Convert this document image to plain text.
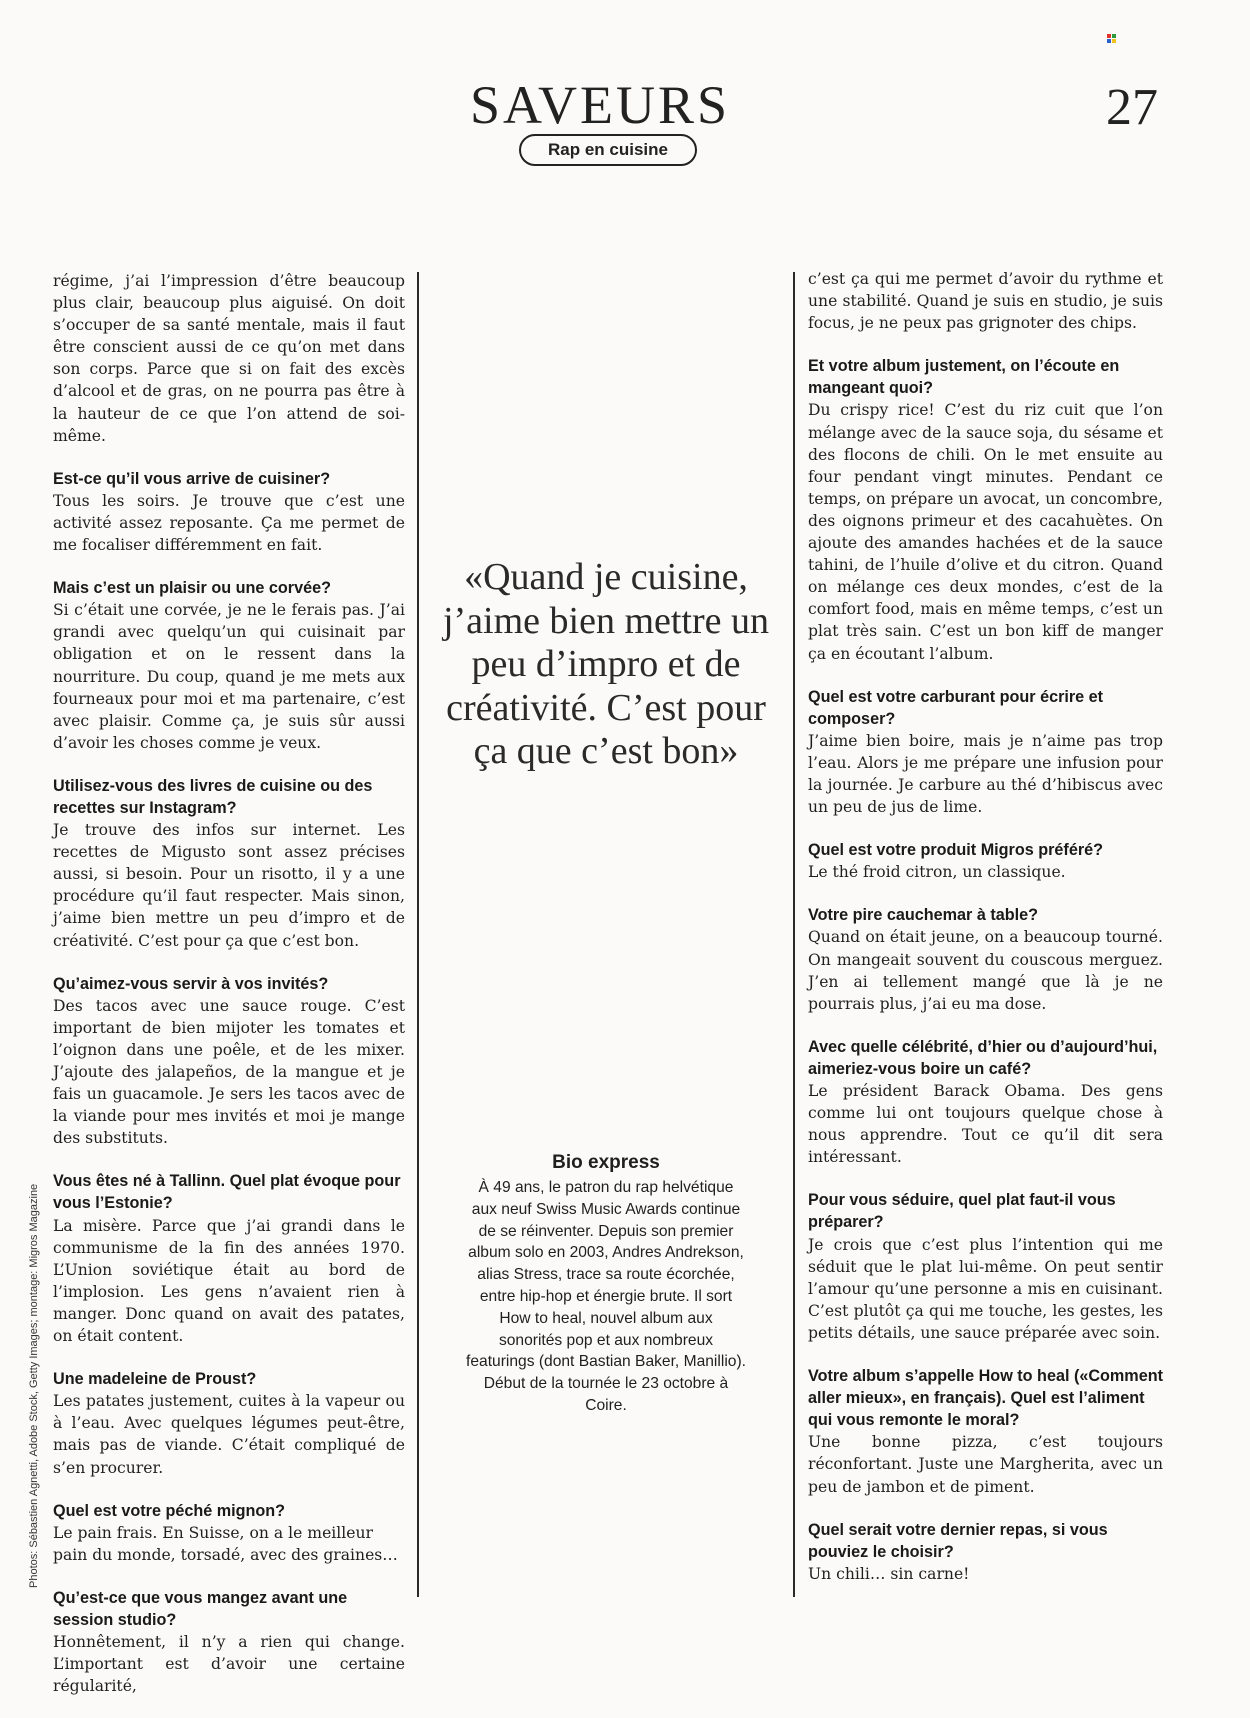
SAVEURS	27
Rap en cuisine

régime, j’ai l’impression d’être beaucoup plus clair, beaucoup plus aiguisé. On doit s’occuper de sa santé mentale, mais il faut être conscient aussi de ce qu’on met dans son corps. Parce que si on fait des excès d’alcool et de gras, on ne pourra pas être à la hauteur de ce que l’on attend de soi-même.

Est-ce qu’il vous arrive de cuisiner?

Tous les soirs. Je trouve que c’est une activité assez reposante. Ça me permet de me focaliser différemment en fait.

Mais c’est un plaisir ou une corvée?

Si c’était une corvée, je ne le ferais pas. J’ai grandi avec quelqu’un qui cuisinait par obligation et on le ressent dans la nourriture. Du coup, quand je me mets aux fourneaux pour moi et ma partenaire, c’est avec plaisir. Comme ça, je suis sûr aussi d’avoir les choses comme je veux.

Utilisez-vous des livres de cuisine ou des recettes sur Instagram?

Je trouve des infos sur internet. Les recettes de Migusto sont assez précises aussi, si besoin. Pour un risotto, il y a une procédure qu’il faut respecter. Mais sinon, j’aime bien mettre un peu d’impro et de créativité. C’est pour ça que c’est bon.

Qu’aimez-vous servir à vos invités?

Des tacos avec une sauce rouge. C’est important de bien mijoter les tomates et l’oignon dans une poêle, et de les mixer. J’ajoute des jalapeños, de la mangue et je fais un guacamole. Je sers les tacos avec de la viande pour mes invités et moi je mange des substituts.

Vous êtes né à Tallinn. Quel plat évoque pour vous l’Estonie?

La misère. Parce que j’ai grandi dans le communisme de la fin des années 1970. L’Union soviétique était au bord de l’implosion. Les gens n’avaient rien à manger. Donc quand on avait des patates, on était content.

Une madeleine de Proust?

Les patates justement, cuites à la vapeur ou à l’eau. Avec quelques légumes peut-être, mais pas de viande. C’était compliqué de s’en procurer.

Quel est votre péché mignon?

Le pain frais. En Suisse, on a le meilleur pain du monde, torsadé, avec des graines…

Qu’est-ce que vous mangez avant une session studio?

Honnêtement, il n’y a rien qui change. L’important est d’avoir une certaine régularité,

«Quand je cuisine, j’aime bien mettre un peu d’impro et de créativité. C’est pour ça que c’est bon»

Bio express

À 49 ans, le patron du rap helvétique aux neuf Swiss Music Awards continue de se réinventer. Depuis son premier album solo en 2003, Andres Andrekson, alias Stress, trace sa route écorchée, entre hip-hop et énergie brute. Il sort How to heal, nouvel album aux sonorités pop et aux nombreux featurings (dont Bastian Baker, Manillio). Début de la tournée le 23 octobre à Coire.

c’est ça qui me permet d’avoir du rythme et une stabilité. Quand je suis en studio, je suis focus, je ne peux pas grignoter des chips.

Et votre album justement, on l’écoute en mangeant quoi?

Du crispy rice! C’est du riz cuit que l’on mélange avec de la sauce soja, du sésame et des flocons de chili. On le met ensuite au four pendant vingt minutes. Pendant ce temps, on prépare un avocat, un concombre, des oignons primeur et des cacahuètes. On ajoute des amandes hachées et de la sauce tahini, de l’huile d’olive et du citron. Quand on mélange ces deux mondes, c’est de la comfort food, mais en même temps, c’est un plat très sain. C’est un bon kiff de manger ça en écoutant l’album.

Quel est votre carburant pour écrire et composer?

J’aime bien boire, mais je n’aime pas trop l’eau. Alors je me prépare une infusion pour la journée. Je carbure au thé d’hibiscus avec un peu de jus de lime.

Quel est votre produit Migros préféré?

Le thé froid citron, un classique.

Votre pire cauchemar à table?

Quand on était jeune, on a beaucoup tourné. On mangeait souvent du couscous merguez. J’en ai tellement mangé que là je ne pourrais plus, j’ai eu ma dose.

Avec quelle célébrité, d’hier ou d’aujourd’hui, aimeriez-vous boire un café?

Le président Barack Obama. Des gens comme lui ont toujours quelque chose à nous apprendre. Tout ce qu’il dit sera intéressant.

Pour vous séduire, quel plat faut-il vous préparer?

Je crois que c’est plus l’intention qui me séduit que le plat lui-même. On peut sentir l’amour qu’une personne a mis en cuisinant. C’est plutôt ça qui me touche, les gestes, les petits détails, une sauce préparée avec soin.

Votre album s’appelle How to heal («Comment aller mieux», en français). Quel est l’aliment qui vous remonte le moral?

Une bonne pizza, c’est toujours réconfortant. Juste une Margherita, avec un peu de jambon et de piment.

Quel serait votre dernier repas, si vous pouviez le choisir?

Un chili… sin carne!

Photos: Sébastien Agnetti, Adobe Stock, Getty Images; montage: Migros Magazine
